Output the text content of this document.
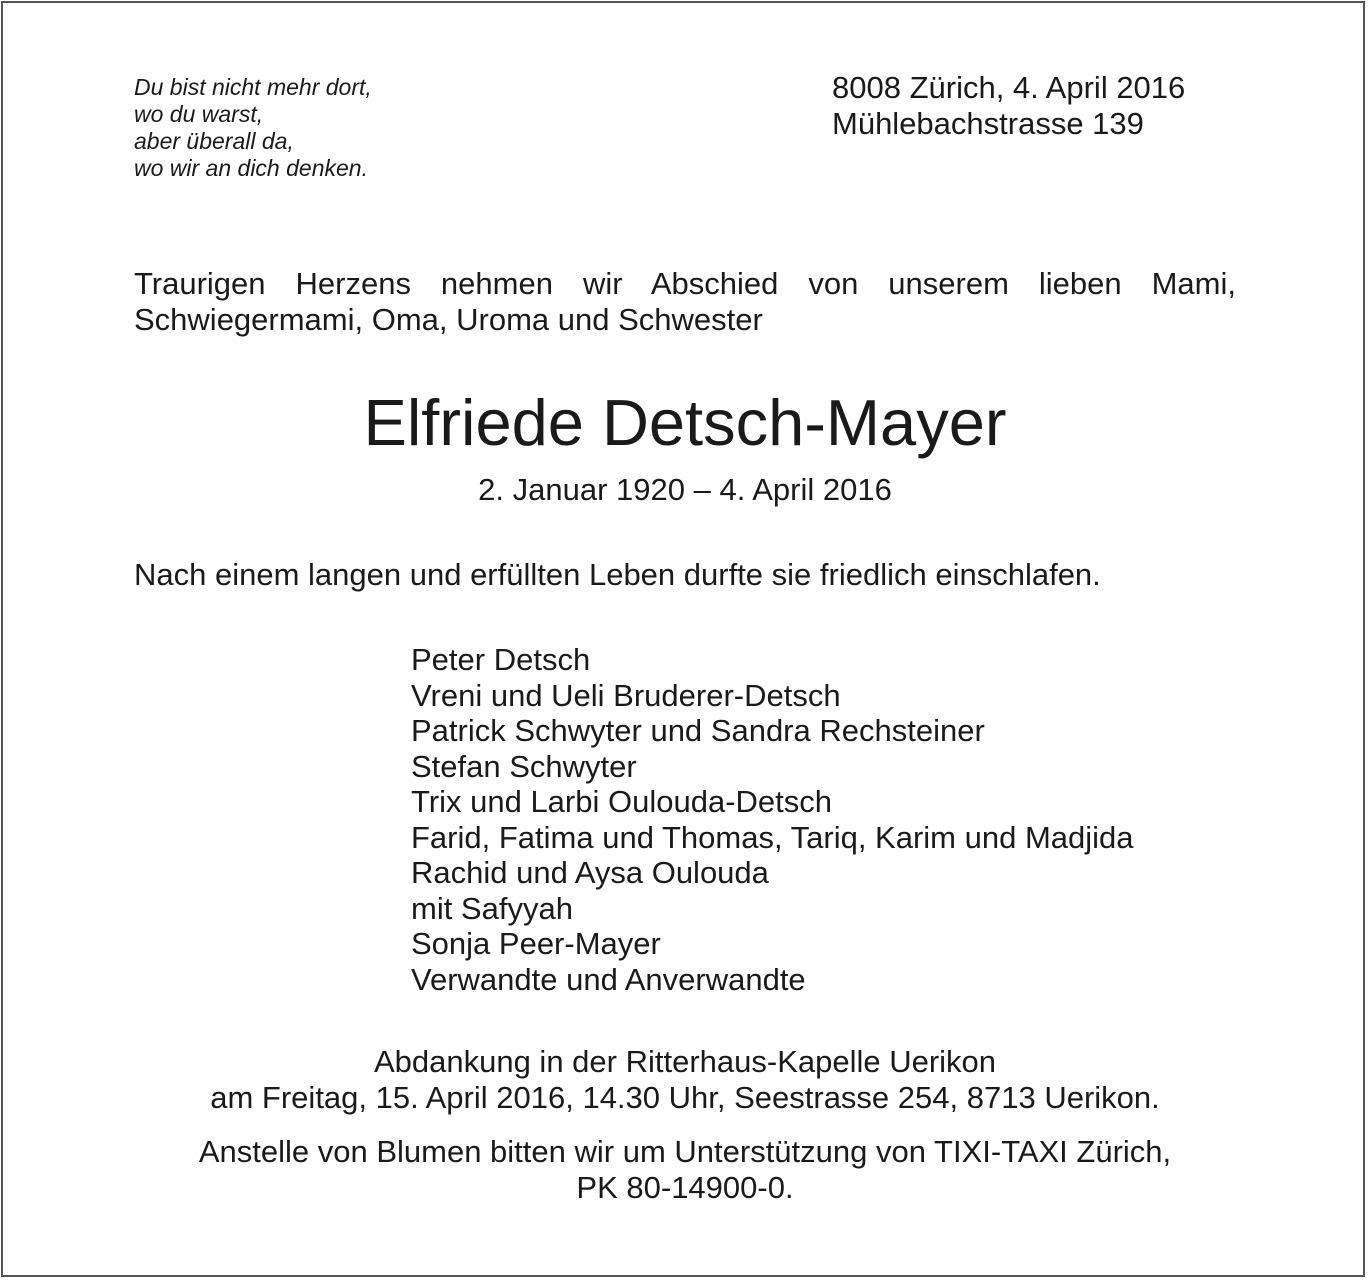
Du bist nicht mehr dort,
wo du warst,
aber überall da,
wo wir an dich denken.
8008 Zürich, 4. April 2016
Mühlebachstrasse 139
Traurigen Herzens nehmen wir Abschied von unserem lieben Mami,
Schwiegermami, Oma, Uroma und Schwester
Elfriede Detsch-Mayer
2. Januar 1920 – 4. April 2016
Nach einem langen und erfüllten Leben durfte sie friedlich einschlafen.
Peter Detsch
Vreni und Ueli Bruderer-Detsch
Patrick Schwyter und Sandra Rechsteiner
Stefan Schwyter
Trix und Larbi Oulouda-Detsch
Farid, Fatima und Thomas, Tariq, Karim und Madjida
Rachid und Aysa Oulouda
mit Safyyah
Sonja Peer-Mayer
Verwandte und Anverwandte
Abdankung in der Ritterhaus-Kapelle Uerikon
am Freitag, 15. April 2016, 14.30 Uhr, Seestrasse 254, 8713 Uerikon.
Anstelle von Blumen bitten wir um Unterstützung von TIXI-TAXI Zürich,
PK 80-14900-0.
